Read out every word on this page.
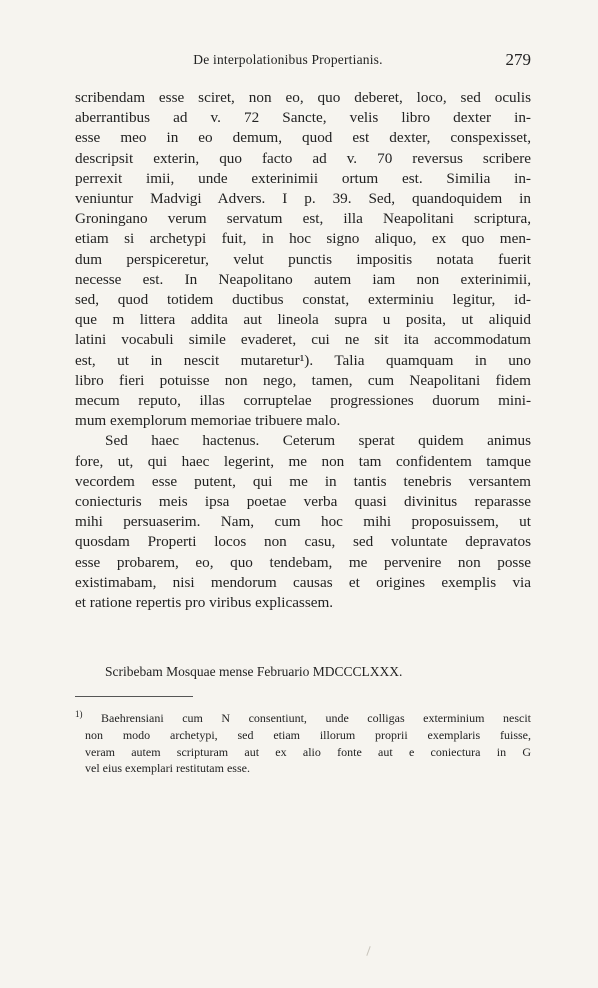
De interpolationibus Propertianis.	279
scribendam esse sciret, non eo, quo deberet, loco, sed oculis
aberrantibus ad v. 72 Sancte, velis libro dexter in-
esse meo in eo demum, quod est dexter, conspexisset,
descripsit exterin, quo facto ad v. 70 reversus scribere
perrexit imii, unde exterinimii ortum est. Similia in-
veniuntur Madvigi Advers. I p. 39. Sed, quandoquidem in
Groningano verum servatum est, illa Neapolitani scriptura,
etiam si archetypi fuit, in hoc signo aliquo, ex quo men-
dum perspiceretur, velut punctis impositis notata fuerit
necesse est. In Neapolitano autem iam non exterinimii,
sed, quod totidem ductibus constat, exterminiu legitur, id-
que m littera addita aut lineola supra u posita, ut aliquid
latini vocabuli simile evaderet, cui ne sit ita accommodatum
est, ut in nescit mutaretur¹). Talia quamquam in uno
libro fieri potuisse non nego, tamen, cum Neapolitani fidem
mecum reputo, illas corruptelae progressiones duorum mini-
mum exemplorum memoriae tribuere malo.
Sed haec hactenus. Ceterum sperat quidem animus
fore, ut, qui haec legerint, me non tam confidentem tamque
vecordem esse putent, qui me in tantis tenebris versantem
coniecturis meis ipsa poetae verba quasi divinitus reparasse
mihi persuaserim. Nam, cum hoc mihi proposuissem, ut
quosdam Properti locos non casu, sed voluntate depravatos
esse probarem, eo, quo tendebam, me pervenire non posse
existimabam, nisi mendorum causas et origines exemplis via
et ratione repertis pro viribus explicassem.
Scribebam Mosquae mense Februario MDCCCLXXX.
$^{1)}$ Baehrensiani cum N consentiunt, unde colligas exterminium nescit
non modo archetypi, sed etiam illorum proprii exemplaris fuisse,
veram autem scripturam aut ex alio fonte aut e coniectura in G
vel eius exemplari restitutam esse.
